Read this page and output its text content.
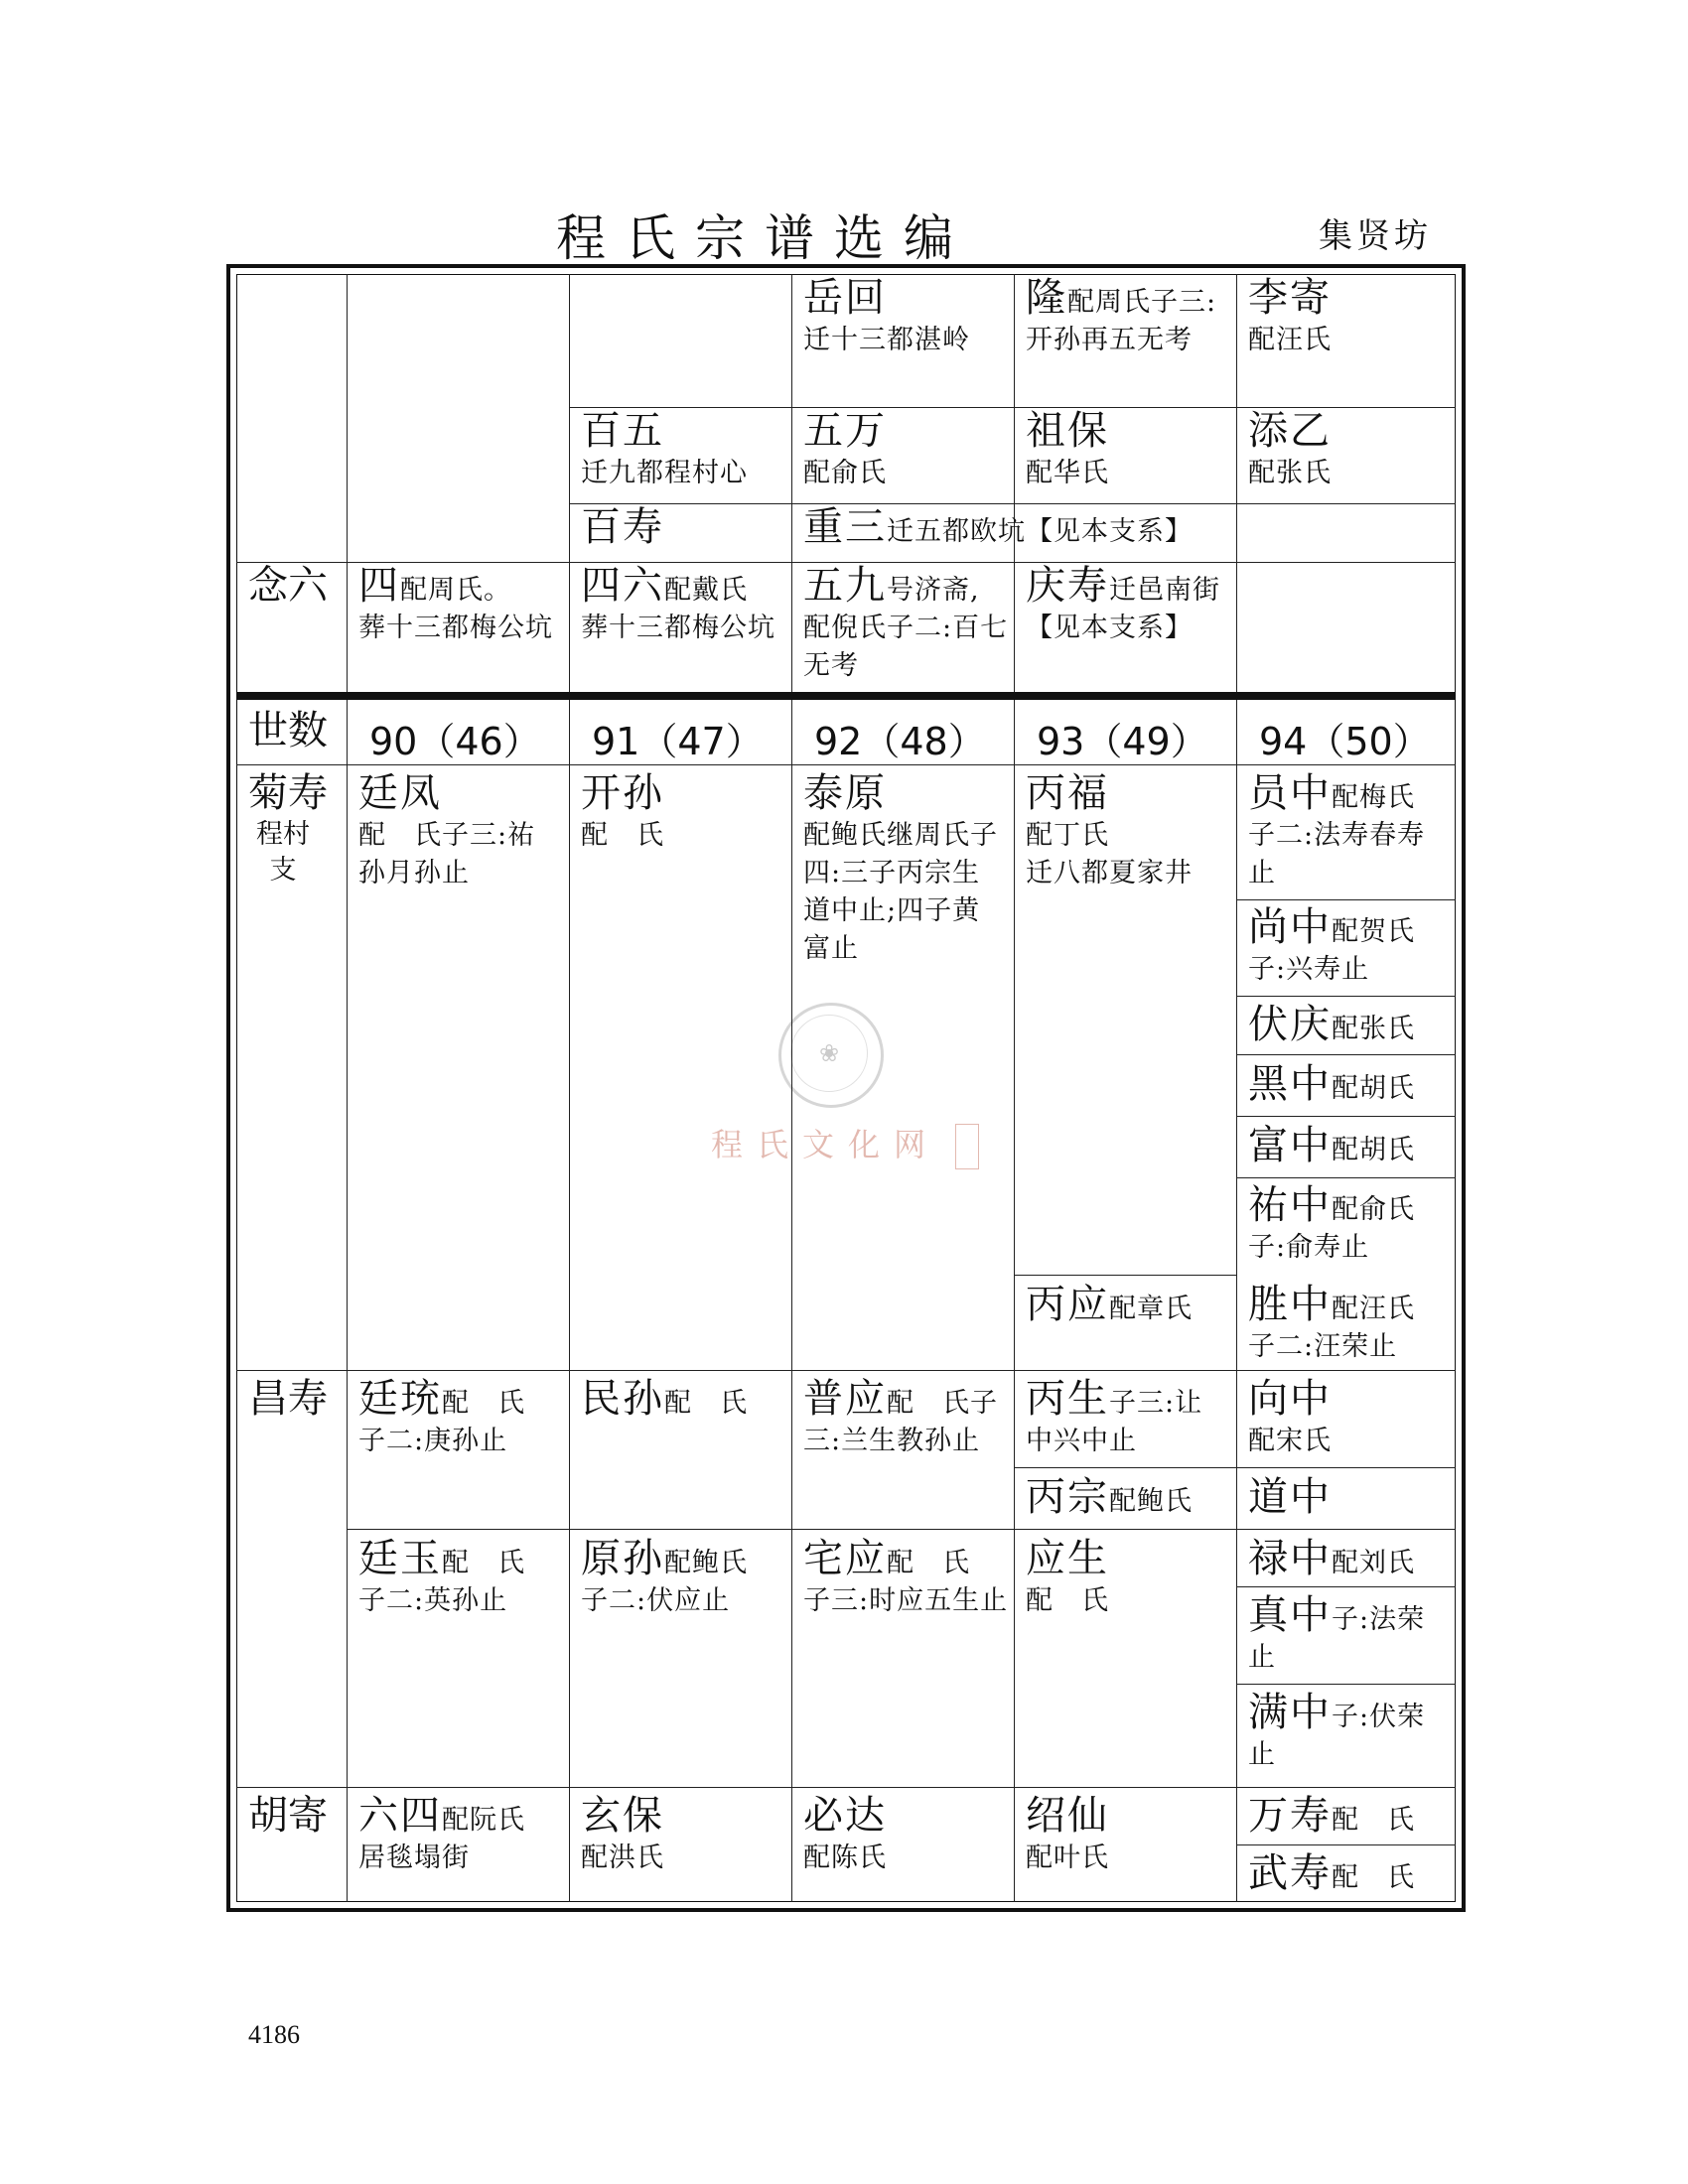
程氏宗谱选编	集贤坊
❀
程氏文化网
念六 四配周氏。
葬十三都梅公坑
百五
迁九都程村心
百寿
四六配戴氏
葬十三都梅公坑
岳回
迁十三都湛岭
五万
配俞氏
重三迁五都欧坑【见本支系】
五九号济斋,
配倪氏子二:百七无考
隆配周氏子三:开孙再五无考
祖保
配华氏
庆寿迁邑南街【见本支系】
李寄
配汪氏
添乙
配张氏
世数	90（46） 91（47） 92（48） 93（49） 94（50）
菊寿
程村支
廷凤
配　氏子三:祐孙月孙止
开孙
配　氏
泰原
配鲍氏继周氏子四:三子丙宗生道中止;四子黄富止
丙福
配丁氏
迁八都夏家井
丙应配章氏
员中配梅氏
子二:法寿春寿止
尚中配贺氏
子:兴寿止
伏庆配张氏
黑中配胡氏
富中配胡氏
祐中配俞氏
子:俞寿止
胜中配汪氏
子二:汪荣止
昌寿 廷珫配　氏
子二:庚孙止
廷玉配　氏
子二:英孙止
民孙配　氏
原孙配鲍氏
子二:伏应止
普应配　氏子
三:兰生教孙止
宅应配　氏
子三:时应五生止
丙生子三:让
中兴中止
丙宗配鲍氏
应生
配　氏
向中
配宋氏
道中
禄中配刘氏
真中子:法荣
止
满中子:伏荣
止
胡寄 六四配阮氏
居毯塌街
玄保
配洪氏
必达
配陈氏
绍仙
配叶氏
万寿配　氏
武寿配　氏
4186
